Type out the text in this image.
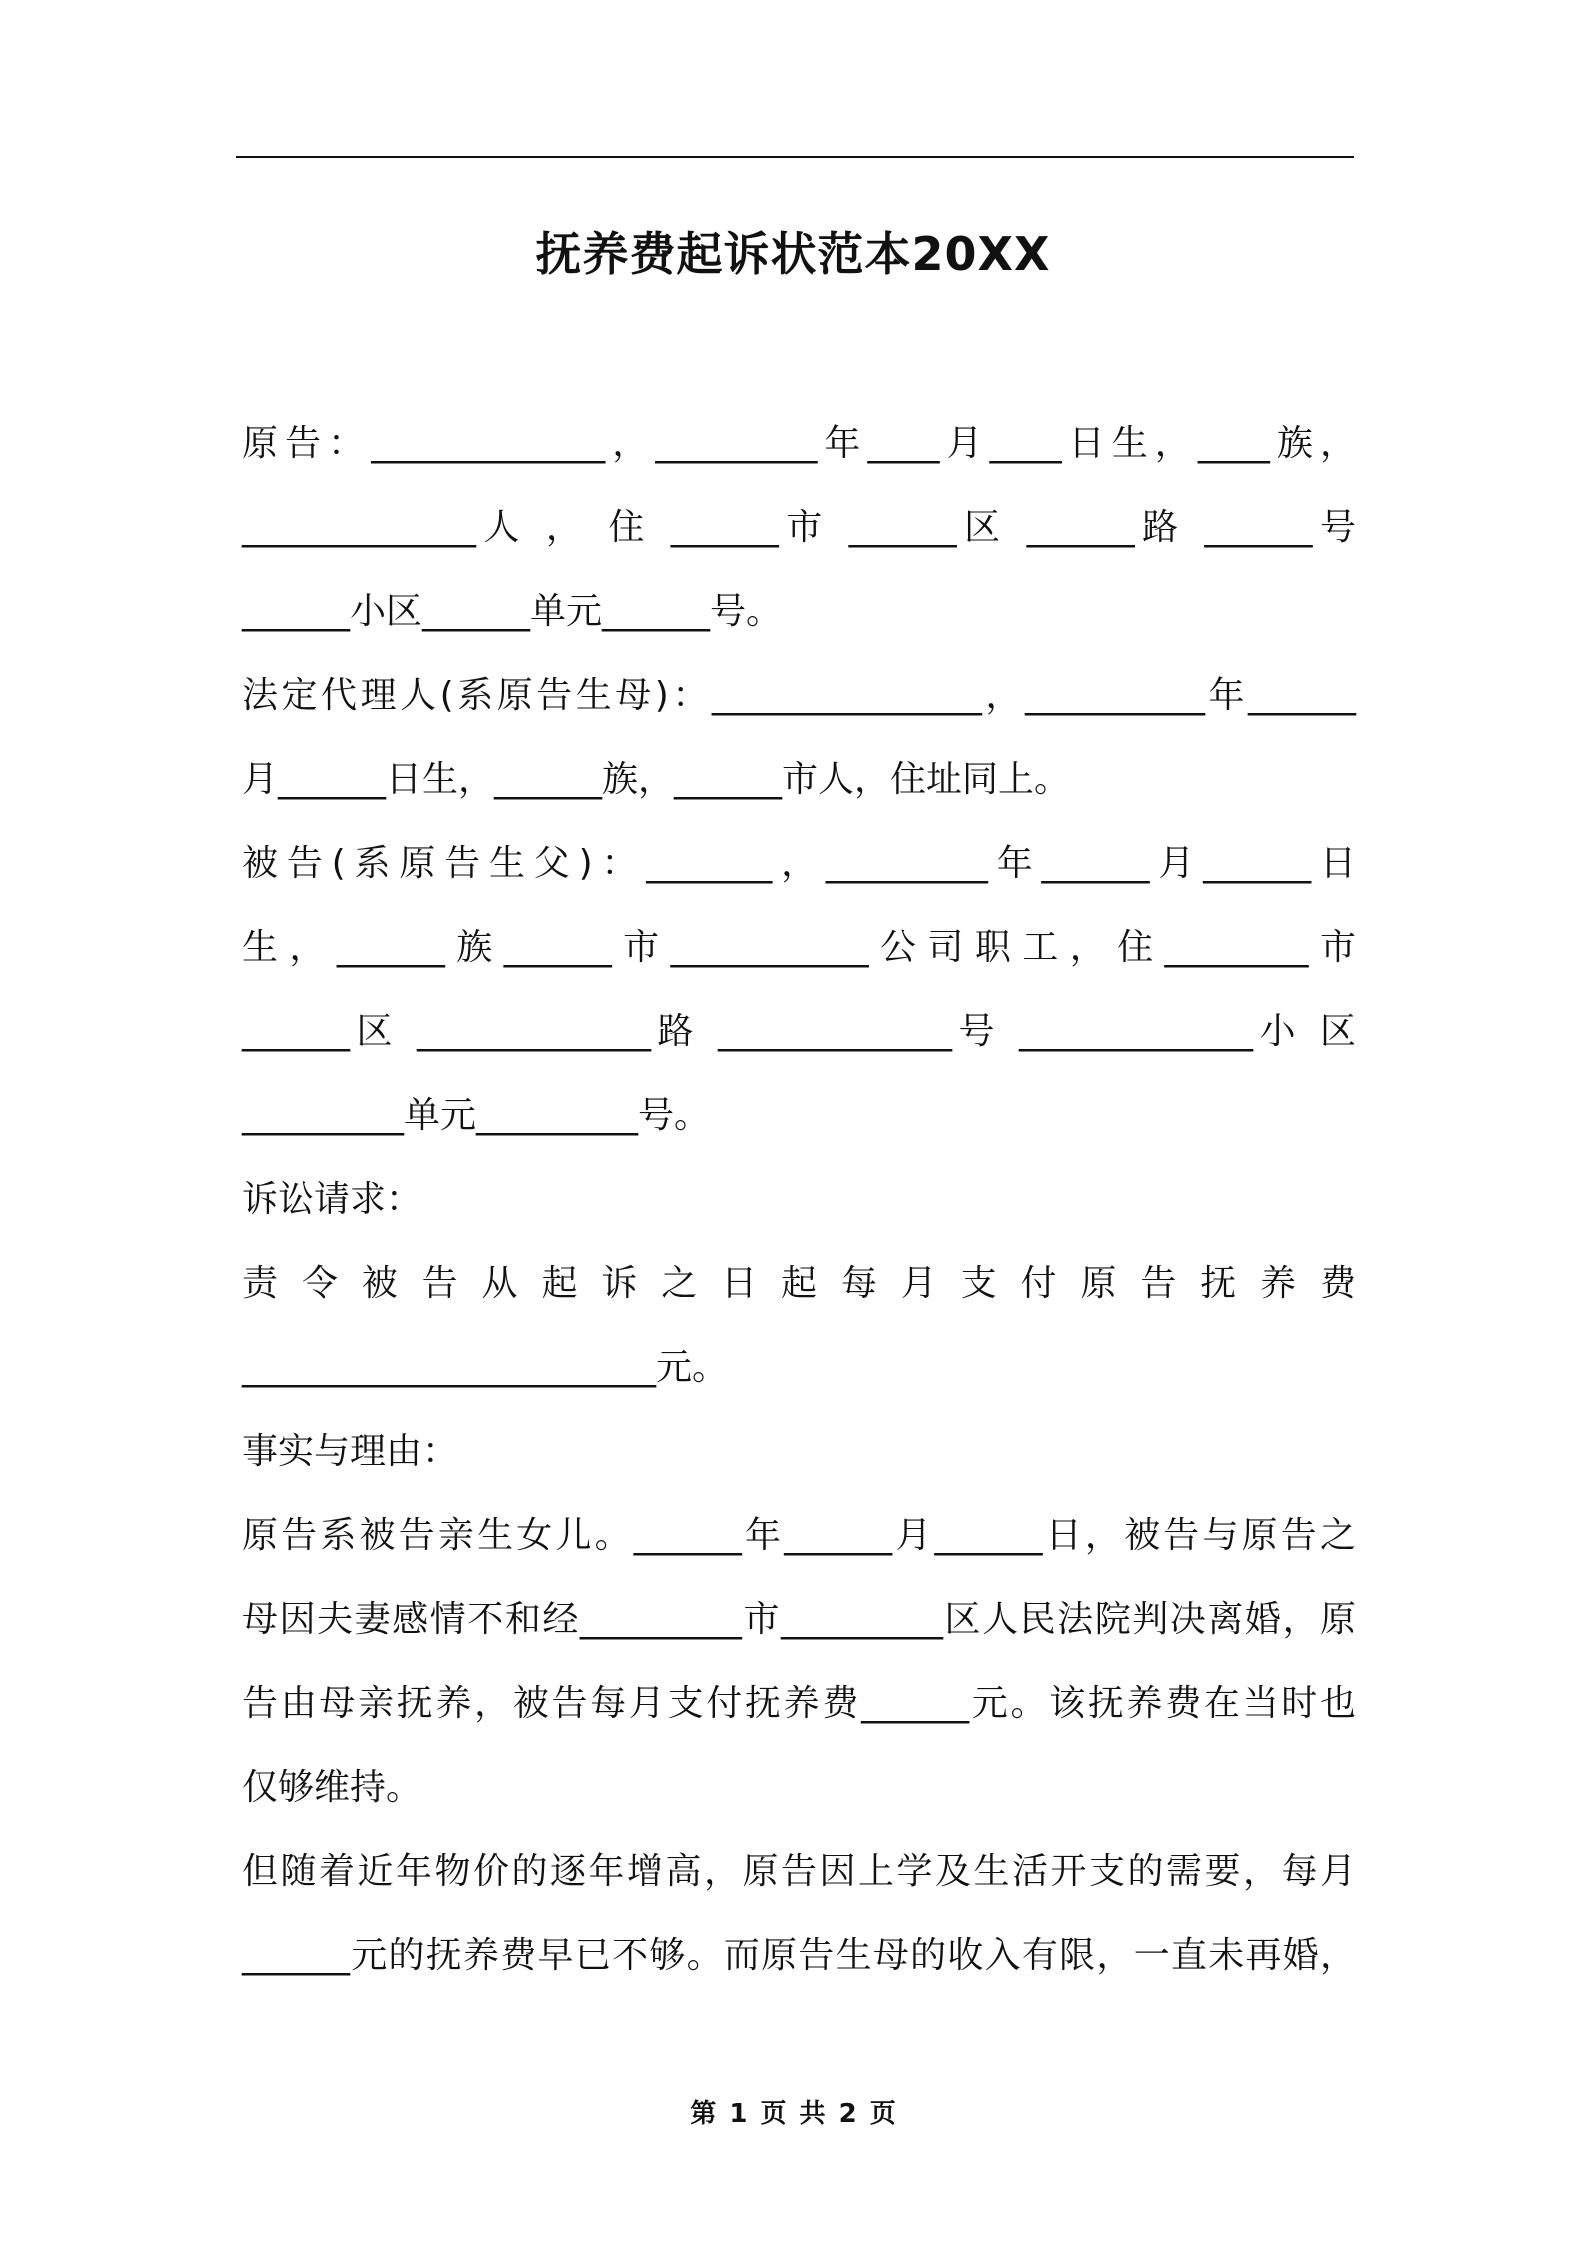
抚养费起诉状范本20XX
原告：_____________，_________年____月____日生，____族，
_____________人 ， 住 ______市 ______区 ______路 ______号
______小区______单元______号。
法定代理人(系原告生母)：_______________，__________年______
月______日生，______族，______市人，住址同上。
被告(系原告生父)：_______，_________年______月______日
生，______族______市___________公司职工，住________市
______区 _____________路 _____________号 _____________小 区
_________单元_________号。
诉讼请求：
责 令 被 告 从 起 诉 之 日 起 每 月 支 付 原 告 抚 养 费
_______________________元。
事实与理由：
原告系被告亲生女儿。______年______月______日，被告与原告之
母因夫妻感情不和经_________市_________区人民法院判决离婚，原
告由母亲抚养，被告每月支付抚养费______元。该抚养费在当时也
仅够维持。
但随着近年物价的逐年增高，原告因上学及生活开支的需要，每月
______元的抚养费早已不够。而原告生母的收入有限，一直未再婚，
第 1 页 共 2 页
